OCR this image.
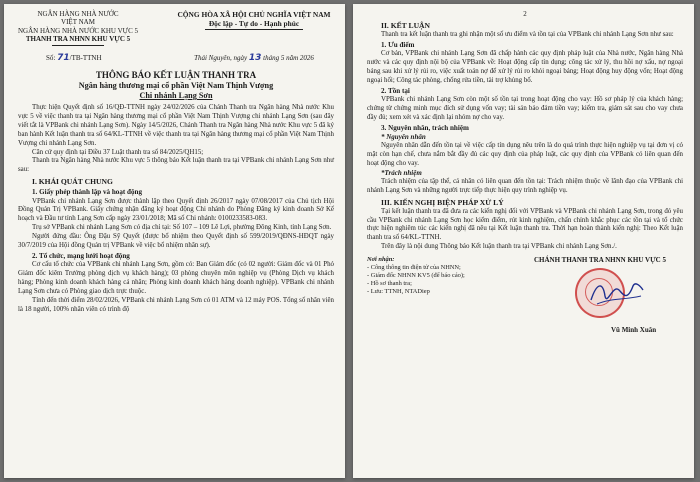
NGÂN HÀNG NHÀ NƯỚC
VIỆT NAM
NGÂN HÀNG NHÀ NƯỚC KHU VỰC 5
THANH TRA NHNN KHU VỰC 5
CỘNG HÒA XÃ HỘI CHỦ NGHĨA VIỆT NAM
Độc lập - Tự do - Hạnh phúc
Số: 71/TB-TTNH	Thái Nguyên, ngày 13 tháng 5 năm 2026
THÔNG BÁO KẾT LUẬN THANH TRA
Ngân hàng thương mại cổ phần Việt Nam Thịnh Vượng
Chi nhánh Lạng Sơn

Thực hiện Quyết định số 16/QĐ-TTNH ngày 24/02/2026 của Chánh Thanh tra Ngân hàng Nhà nước Khu vực 5 về việc thanh tra tại Ngân hàng thương mại cổ phần Việt Nam Thịnh Vượng chi nhánh Lạng Sơn (sau đây viết tắt là VPBank chi nhánh Lạng Sơn). Ngày 14/5/2026, Chánh Thanh tra Ngân hàng Nhà nước Khu vực 5 đã ký ban hành Kết luận thanh tra số 64/KL-TTNH về việc thanh tra tại Ngân hàng thương mại cổ phần Việt Nam Thịnh Vượng chi nhánh Lạng Sơn.

Căn cứ quy định tại Điều 37 Luật thanh tra số 84/2025/QH15;

Thanh tra Ngân hàng Nhà nước Khu vực 5 thông báo Kết luận thanh tra tại VPBank chi nhánh Lạng Sơn như sau:

I. KHÁI QUÁT CHUNG
1. Giấy phép thành lập và hoạt động

VPBank chi nhánh Lạng Sơn được thành lập theo Quyết định 26/2017 ngày 07/08/2017 của Chủ tịch Hội Đồng Quản Trị VPBank. Giấy chứng nhận đăng ký hoạt động Chi nhánh do Phòng Đăng ký kinh doanh Sở Kế hoạch và Đầu tư tỉnh Lạng Sơn cấp ngày 23/01/2018; Mã số Chi nhánh: 0100233583-083.

Trụ sở VPBank chi nhánh Lạng Sơn có địa chỉ tại: Số 107 – 109 Lê Lợi, phường Đông Kinh, tỉnh Lạng Sơn.

Người đứng đầu: Ông Đậu Sỹ Quyết (được bổ nhiệm theo Quyết định số 599/2019/QĐNS-HĐQT ngày 30/7/2019 của Hội đồng Quản trị VPBank về việc bổ nhiệm nhân sự).

2. Tổ chức, mạng lưới hoạt động

Cơ cấu tổ chức của VPBank chi nhánh Lạng Sơn, gồm có: Ban Giám đốc (có 02 người: Giám đốc và 01 Phó Giám đốc kiêm Trưởng phòng dịch vụ khách hàng); 03 phòng chuyên môn nghiệp vụ (Phòng Dịch vụ khách hàng; Phòng kinh doanh khách hàng cá nhân; Phòng kinh doanh khách hàng doanh nghiệp). VPBank chi nhánh Lạng Sơn chưa có Phòng giao dịch trực thuộc.

Tính đến thời điểm 28/02/2026, VPBank chi nhánh Lạng Sơn có 01 ATM và 12 máy POS. Tổng số nhân viên là 18 người, 100% nhân viên có trình độ

2
II. KẾT LUẬN

Thanh tra kết luận thanh tra ghi nhận một số ưu điểm và tồn tại của VPBank chi nhánh Lạng Sơn như sau:

1. Ưu điểm

Cơ bản, VPBank chi nhánh Lạng Sơn đã chấp hành các quy định pháp luật của Nhà nước, Ngân hàng Nhà nước và các quy định nội bộ của VPBank về: Hoạt động cấp tín dụng; công tác xử lý, thu hồi nợ xấu, nợ ngoại bảng sau khi xử lý rủi ro, việc xuất toán nợ để xử lý rủi ro khỏi ngoại bảng; Hoạt động huy động vốn; Hoạt động ngoại hối; Công tác phòng, chống rửa tiền, tài trợ khủng bố.

2. Tồn tại

VPBank chi nhánh Lạng Sơn còn một số tồn tại trong hoạt động cho vay: Hồ sơ pháp lý của khách hàng; chứng từ chứng minh mục đích sử dụng vốn vay; tài sản bảo đảm tiền vay; kiểm tra, giám sát sau cho vay chưa đầy đủ; xem xét và xác định lại nhóm nợ cho vay.

3. Nguyên nhân, trách nhiệm
* Nguyên nhân

Nguyên nhân dẫn đến tồn tại về việc cấp tín dụng nêu trên là do quá trình thực hiện nghiệp vụ tại đơn vị có mặt còn hạn chế, chưa nắm bắt đầy đủ các quy định của pháp luật, các quy định của VPBank có liên quan đến hoạt động cho vay.

*Trách nhiệm

Trách nhiệm của tập thể, cá nhân có liên quan đến tồn tại: Trách nhiệm thuộc về lãnh đạo của VPBank chi nhánh Lạng Sơn và những người trực tiếp thực hiện quy trình nghiệp vụ.

III. KIẾN NGHỊ BIỆN PHÁP XỬ LÝ

Tại kết luận thanh tra đã đưa ra các kiến nghị đối với VPBank và VPBank chi nhánh Lạng Sơn, trong đó yêu cầu VPBank chi nhánh Lạng Sơn học kiểm điểm, rút kinh nghiệm, chấn chỉnh khắc phục các tồn tại và tổ chức thực hiện nghiêm túc các kiến nghị đã nêu tại Kết luận thanh tra. Thời hạn hoàn thành kiến nghị: Theo Kết luận thanh tra số 64/KL-TTNH.

Trên đây là nội dung Thông báo Kết luận thanh tra tại VPBank chi nhánh Lạng Sơn./.

Nơi nhận:
- Công thông tin điện tử của NHNN;
- Giám đốc NHNN KV5 (để báo cáo);
- Hồ sơ thanh tra;
- Lưu: TTNH, NTADiep
CHÁNH THANH TRA NHNN KHU VỰC 5
Vũ Minh Xuân
